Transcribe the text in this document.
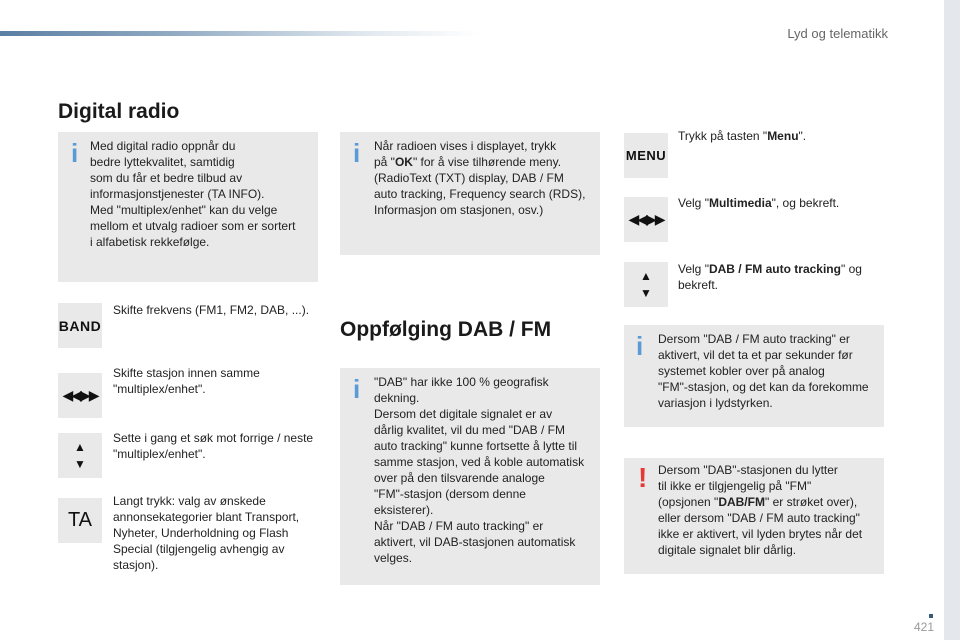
Lyd og telematikk
Digital radio
i Med digital radio oppnår du
bedre lyttekvalitet, samtidig
som du får et bedre tilbud av
informasjonstjenester (TA INFO).
Med "multiplex/enhet" kan du velge
mellom et utvalg radioer som er sortert
i alfabetisk rekkefølge.
i Når radioen vises i displayet, trykk
på "OK" for å vise tilhørende meny.
(RadioText (TXT) display, DAB / FM
auto tracking, Frequency search (RDS),
Informasjon om stasjonen, osv.)
BAND
Skifte frekvens (FM1, FM2, DAB, ...).
◀◀▶▶
Skifte stasjon innen samme
"multiplex/enhet".
▲
▼
Sette i gang et søk mot forrige / neste
"multiplex/enhet".
TA
Langt trykk: valg av ønskede
annonsekategorier blant Transport,
Nyheter, Underholdning og Flash
Special (tilgjengelig avhengig av
stasjon).
Oppfølging DAB / FM
i "DAB" har ikke 100 % geografisk
dekning.
Dersom det digitale signalet er av
dårlig kvalitet, vil du med "DAB / FM
auto tracking" kunne fortsette å lytte til
samme stasjon, ved å koble automatisk
over på den tilsvarende analoge
"FM"-stasjon (dersom denne
eksisterer).
Når "DAB / FM auto tracking" er
aktivert, vil DAB-stasjonen automatisk
velges.
MENU
Trykk på tasten "Menu".
◀◀▶▶
Velg "Multimedia", og bekreft.
▲
▼
Velg "DAB / FM auto tracking" og
bekreft.
i Dersom "DAB / FM auto tracking" er
aktivert, vil det ta et par sekunder før
systemet kobler over på analog
"FM"-stasjon, og det kan da forekomme
variasjon i lydstyrken.
! Dersom "DAB"-stasjonen du lytter
til ikke er tilgjengelig på "FM"
(opsjonen "DAB/FM" er strøket over),
eller dersom "DAB / FM auto tracking"
ikke er aktivert, vil lyden brytes når det
digitale signalet blir dårlig.
421
